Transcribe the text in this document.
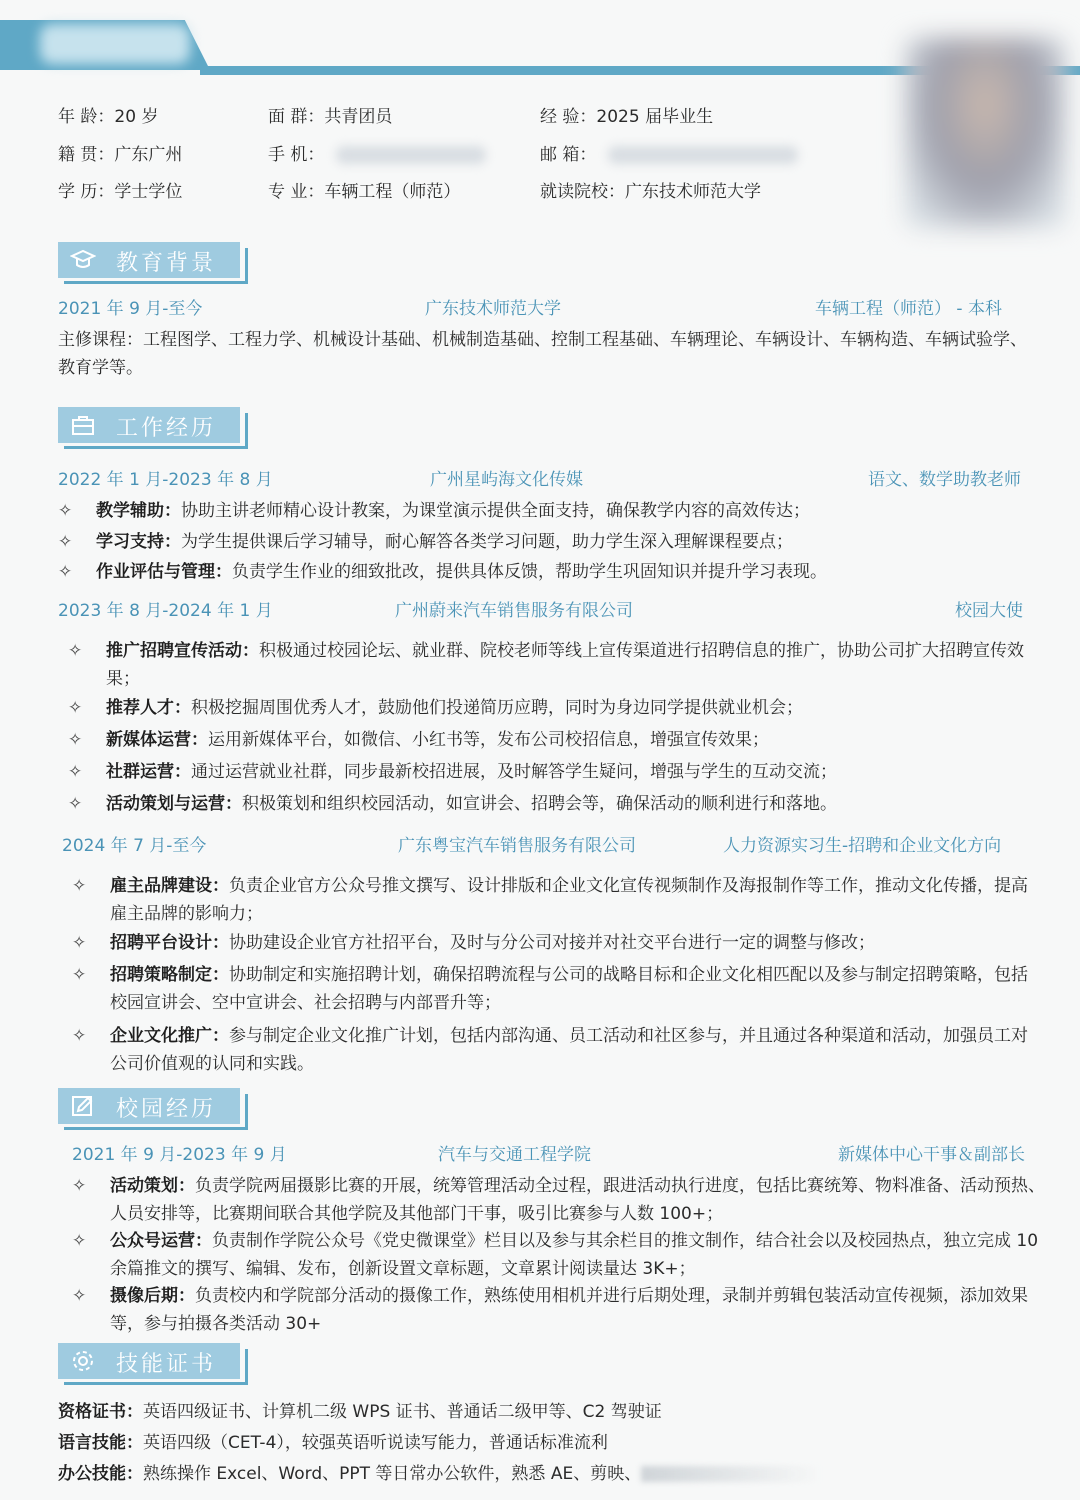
年 龄：20 岁	面 群：共青团员	经 验：2025 届毕业生
籍 贯：广东广州	手 机：	邮 箱：
学 历：学士学位	专 业：车辆工程（师范）	就读院校：广东技术师范大学
教育背景
2021 年 9 月-至今	广东技术师范大学	车辆工程（师范） - 本科
主修课程：工程图学、工程力学、机械设计基础、机械制造基础、控制工程基础、车辆理论、车辆设计、车辆构造、车辆试验学、教育学等。
工作经历
2022 年 1 月-2023 年 8 月	广州星屿海文化传媒	语文、数学助教老师
✧	教学辅助：协助主讲老师精心设计教案，为课堂演示提供全面支持，确保教学内容的高效传达；
✧	学习支持：为学生提供课后学习辅导，耐心解答各类学习问题，助力学生深入理解课程要点；
✧	作业评估与管理：负责学生作业的细致批改，提供具体反馈，帮助学生巩固知识并提升学习表现。
2023 年 8 月-2024 年 1 月	广州蔚来汽车销售服务有限公司	校园大使
✧	推广招聘宣传活动：积极通过校园论坛、就业群、院校老师等线上宣传渠道进行招聘信息的推广，协助公司扩大招聘宣传效果；
✧	推荐人才：积极挖掘周围优秀人才，鼓励他们投递简历应聘，同时为身边同学提供就业机会；
✧	新媒体运营：运用新媒体平台，如微信、小红书等，发布公司校招信息，增强宣传效果；
✧	社群运营：通过运营就业社群，同步最新校招进展，及时解答学生疑问，增强与学生的互动交流；
✧	活动策划与运营：积极策划和组织校园活动，如宣讲会、招聘会等，确保活动的顺利进行和落地。
2024 年 7 月-至今	广东粤宝汽车销售服务有限公司	人力资源实习生-招聘和企业文化方向
✧	雇主品牌建设：负责企业官方公众号推文撰写、设计排版和企业文化宣传视频制作及海报制作等工作，推动文化传播，提高雇主品牌的影响力；
✧	招聘平台设计：协助建设企业官方社招平台，及时与分公司对接并对社交平台进行一定的调整与修改；
✧	招聘策略制定：协助制定和实施招聘计划，确保招聘流程与公司的战略目标和企业文化相匹配以及参与制定招聘策略，包括校园宣讲会、空中宣讲会、社会招聘与内部晋升等；
✧	企业文化推广：参与制定企业文化推广计划，包括内部沟通、员工活动和社区参与，并且通过各种渠道和活动，加强员工对公司价值观的认同和实践。
校园经历
2021 年 9 月-2023 年 9 月	汽车与交通工程学院	新媒体中心干事＆副部长
✧	活动策划：负责学院两届摄影比赛的开展，统筹管理活动全过程，跟进活动执行进度，包括比赛统筹、物料准备、活动预热、人员安排等，比赛期间联合其他学院及其他部门干事，吸引比赛参与人数 100+；
✧	公众号运营：负责制作学院公众号《党史微课堂》栏目以及参与其余栏目的推文制作，结合社会以及校园热点，独立完成 10 余篇推文的撰写、编辑、发布，创新设置文章标题，文章累计阅读量达 3K+；
✧	摄像后期：负责校内和学院部分活动的摄像工作，熟练使用相机并进行后期处理，录制并剪辑包装活动宣传视频，添加效果等，参与拍摄各类活动 30+
技能证书
资格证书：英语四级证书、计算机二级 WPS 证书、普通话二级甲等、C2 驾驶证
语言技能：英语四级（CET-4），较强英语听说读写能力，普通话标准流利
办公技能：熟练操作 Excel、Word、PPT 等日常办公软件，熟悉 AE、剪映、
